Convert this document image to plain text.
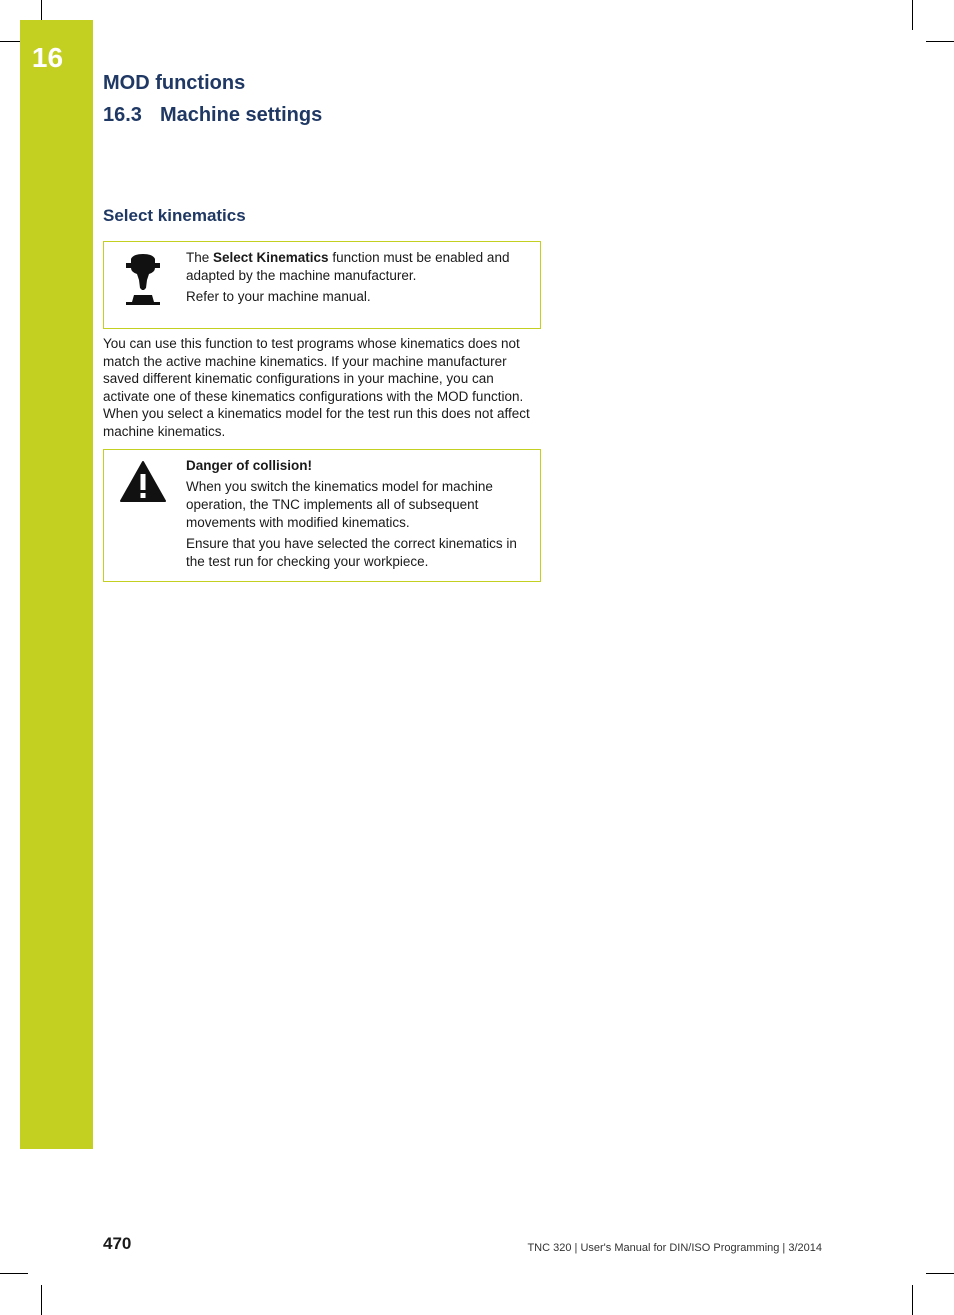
16
MOD functions
16.3 Machine settings
Select kinematics

The Select Kinematics function must be enabled and adapted by the machine manufacturer.

Refer to your machine manual.

You can use this function to test programs whose kinematics does not match the active machine kinematics. If your machine manufacturer saved different kinematic configurations in your machine, you can activate one of these kinematics configurations with the MOD function. When you select a kinematics model for the test run this does not affect machine kinematics.

Danger of collision!

When you switch the kinematics model for machine operation, the TNC implements all of subsequent movements with modified kinematics.

Ensure that you have selected the correct kinematics in the test run for checking your workpiece.

470	TNC 320 | User's Manual for DIN/ISO Programming | 3/2014
